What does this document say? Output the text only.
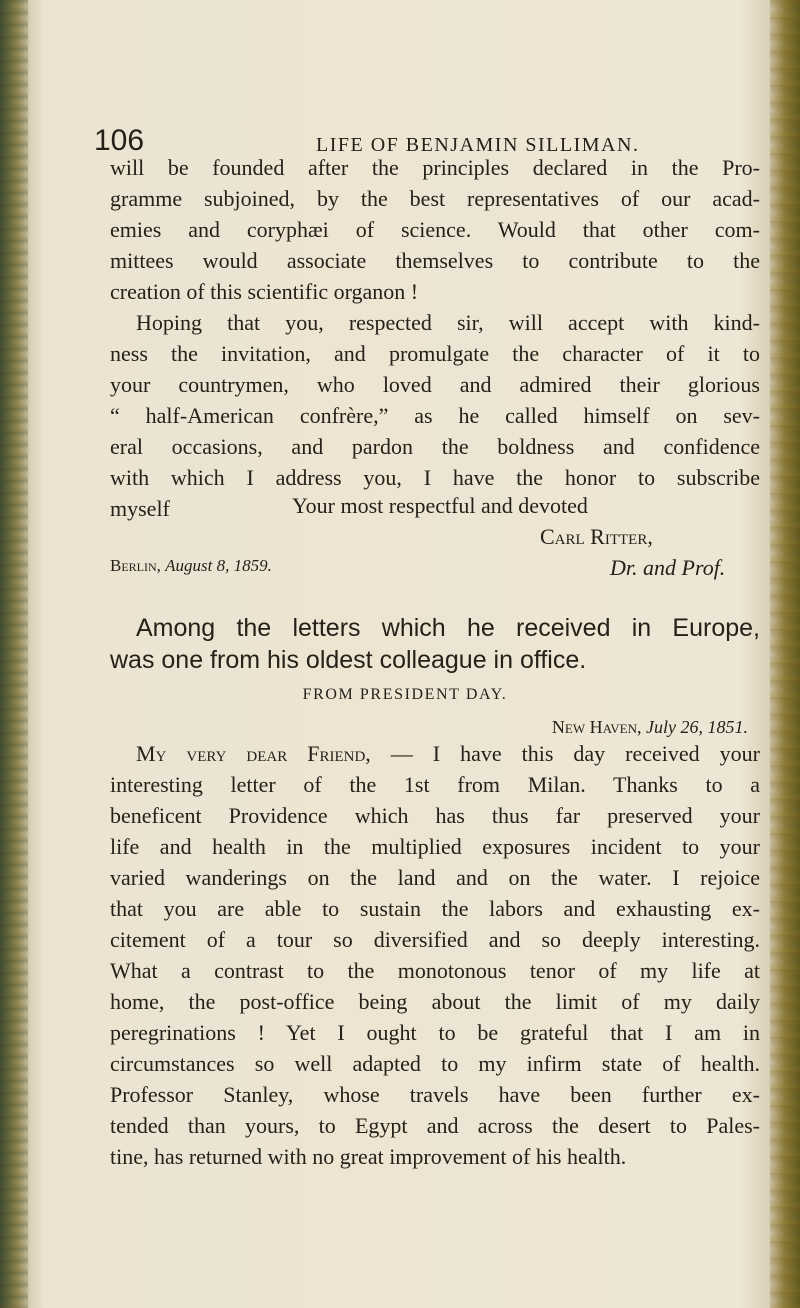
106	LIFE OF BENJAMIN SILLIMAN.
will be founded after the principles declared in the Pro-
gramme subjoined, by the best representatives of our acad-
emies and coryphæi of science. Would that other com-
mittees would associate themselves to contribute to the
creation of this scientific organon !
Hoping that you, respected sir, will accept with kind-
ness the invitation, and promulgate the character of it to
your countrymen, who loved and admired their glorious
“ half-American confrère,” as he called himself on sev-
eral occasions, and pardon the boldness and confidence
with which I address you, I have the honor to subscribe
myself	Your most respectful and devoted
Carl Ritter,
Dr. and Prof.
Berlin, August 8, 1859.
Among the letters which he received in Europe,
was one from his oldest colleague in office.
FROM PRESIDENT DAY.
New Haven, July 26, 1851.
My very dear Friend, — I have this day received your
interesting letter of the 1st from Milan. Thanks to a
beneficent Providence which has thus far preserved your
life and health in the multiplied exposures incident to your
varied wanderings on the land and on the water. I rejoice
that you are able to sustain the labors and exhausting ex-
citement of a tour so diversified and so deeply interesting.
What a contrast to the monotonous tenor of my life at
home, the post-office being about the limit of my daily
peregrinations ! Yet I ought to be grateful that I am in
circumstances so well adapted to my infirm state of health.
Professor Stanley, whose travels have been further ex-
tended than yours, to Egypt and across the desert to Pales-
tine, has returned with no great improvement of his health.
